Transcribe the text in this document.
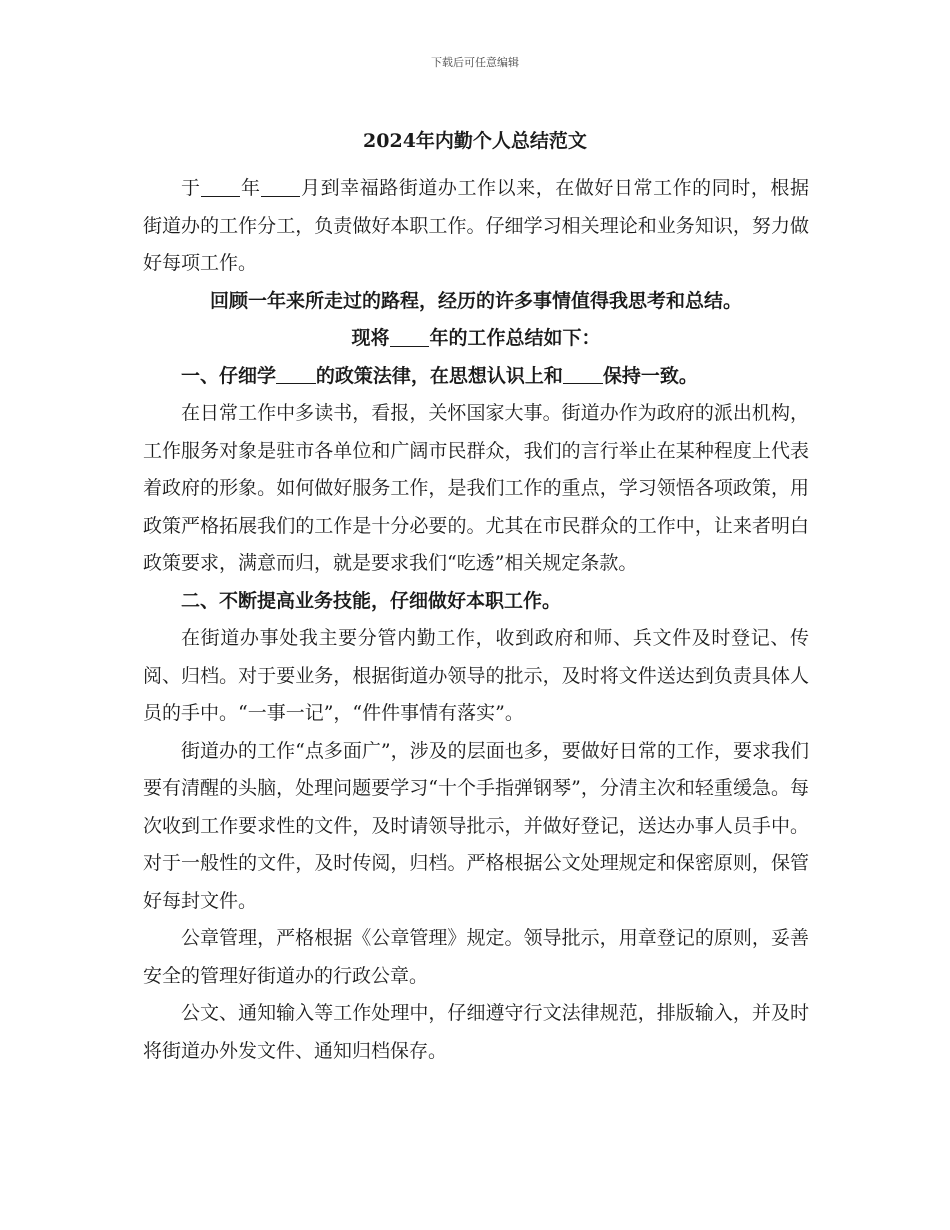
下载后可任意编辑
2024年内勤个人总结范文

于 年 月到幸福路街道办工作以来，在做好日常工作的同时，根据街道办的工作分工，负责做好本职工作。仔细学习相关理论和业务知识，努力做好每项工作。

回顾一年来所走过的路程，经历的许多事情值得我思考和总结。

现将 年的工作总结如下：

一、仔细学 的政策法律，在思想认识上和 保持一致。

在日常工作中多读书，看报，关怀国家大事。街道办作为政府的派出机构，工作服务对象是驻市各单位和广阔市民群众，我们的言行举止在某种程度上代表着政府的形象。如何做好服务工作，是我们工作的重点，学习领悟各项政策，用政策严格拓展我们的工作是十分必要的。尤其在市民群众的工作中，让来者明白政策要求，满意而归，就是要求我们“吃透”相关规定条款。

二、不断提高业务技能，仔细做好本职工作。

在街道办事处我主要分管内勤工作，收到政府和师、兵文件及时登记、传阅、归档。对于要业务，根据街道办领导的批示，及时将文件送达到负责具体人员的手中。“一事一记”，“件件事情有落实”。

街道办的工作“点多面广”，涉及的层面也多，要做好日常的工作，要求我们要有清醒的头脑，处理问题要学习“十个手指弹钢琴”，分清主次和轻重缓急。每次收到工作要求性的文件，及时请领导批示，并做好登记，送达办事人员手中。对于一般性的文件，及时传阅，归档。严格根据公文处理规定和保密原则，保管好每封文件。

公章管理，严格根据《公章管理》规定。领导批示，用章登记的原则，妥善安全的管理好街道办的行政公章。

公文、通知输入等工作处理中，仔细遵守行文法律规范，排版输入，并及时将街道办外发文件、通知归档保存。
